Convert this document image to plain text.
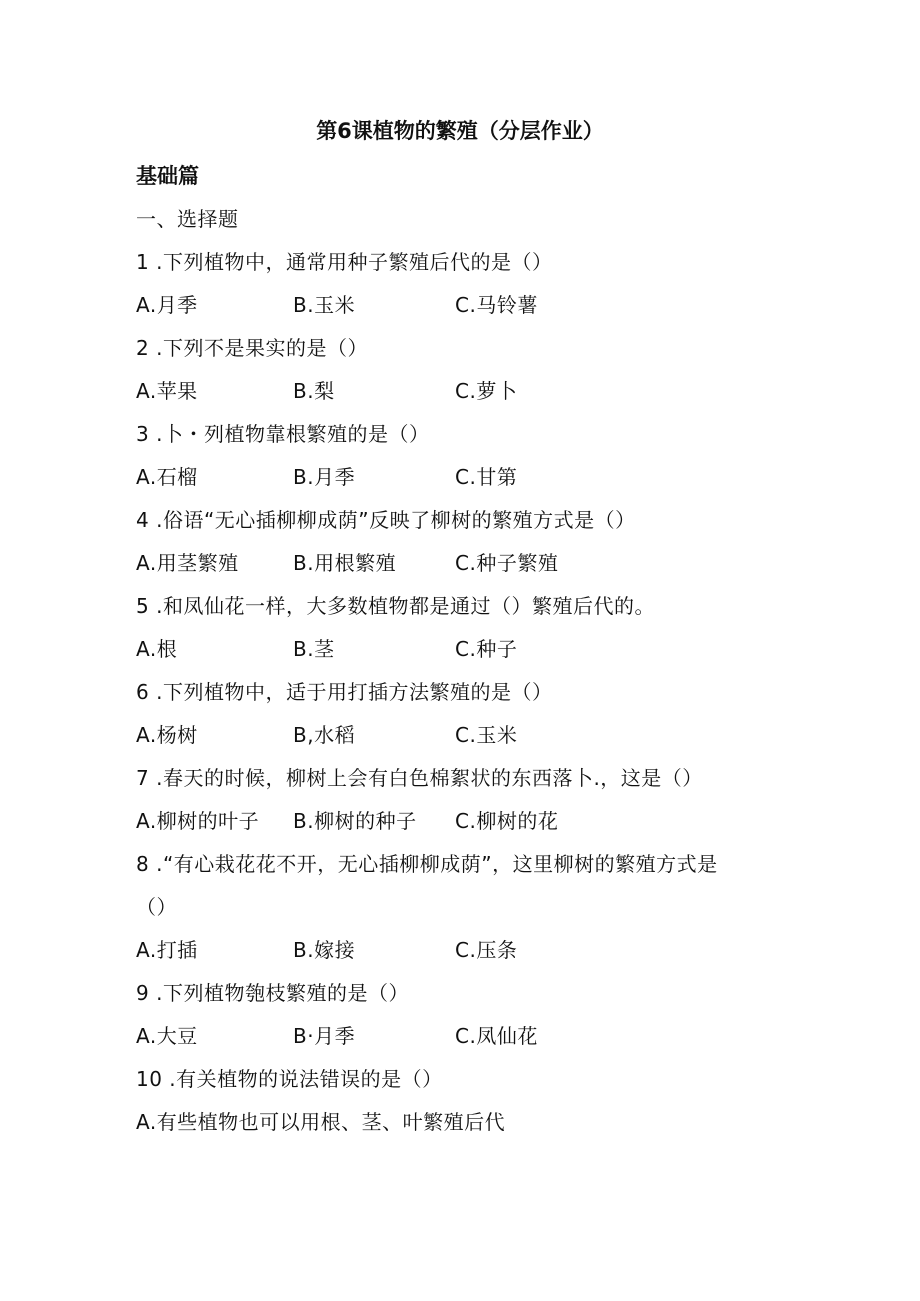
第6课植物的繁殖（分层作业）
基础篇
一、选择题
1 .下列植物中，通常用种子繁殖后代的是（）
A.月季	B.玉米	C.马铃薯
2 .下列不是果实的是（）
A.苹果	B.梨	C.萝卜
3 .卜・列植物靠根繁殖的是（）
A.石榴	B.月季	C.甘第
4 .俗语“无心插柳柳成荫”反映了柳树的繁殖方式是（）
A.用茎繁殖	B.用根繁殖	C.种子繁殖
5 .和凤仙花一样，大多数植物都是通过（）繁殖后代的。
A.根	B.茎	C.种子
6 .下列植物中，适于用打插方法繁殖的是（）
A.杨树	B,水稻	C.玉米
7 .春天的时候，柳树上会有白色棉絮状的东西落卜.，这是（）
A.柳树的叶子 B.柳树的种子 C.柳树的花
8 .“有心栽花花不开，无心插柳柳成荫”，这里柳树的繁殖方式是
（）
A.打插	B.嫁接	C.压条
9 .下列植物匏枝繁殖的是（）
A.大豆	B·月季	C.凤仙花
10 .有关植物的说法错误的是（）
A.有些植物也可以用根、茎、叶繁殖后代
